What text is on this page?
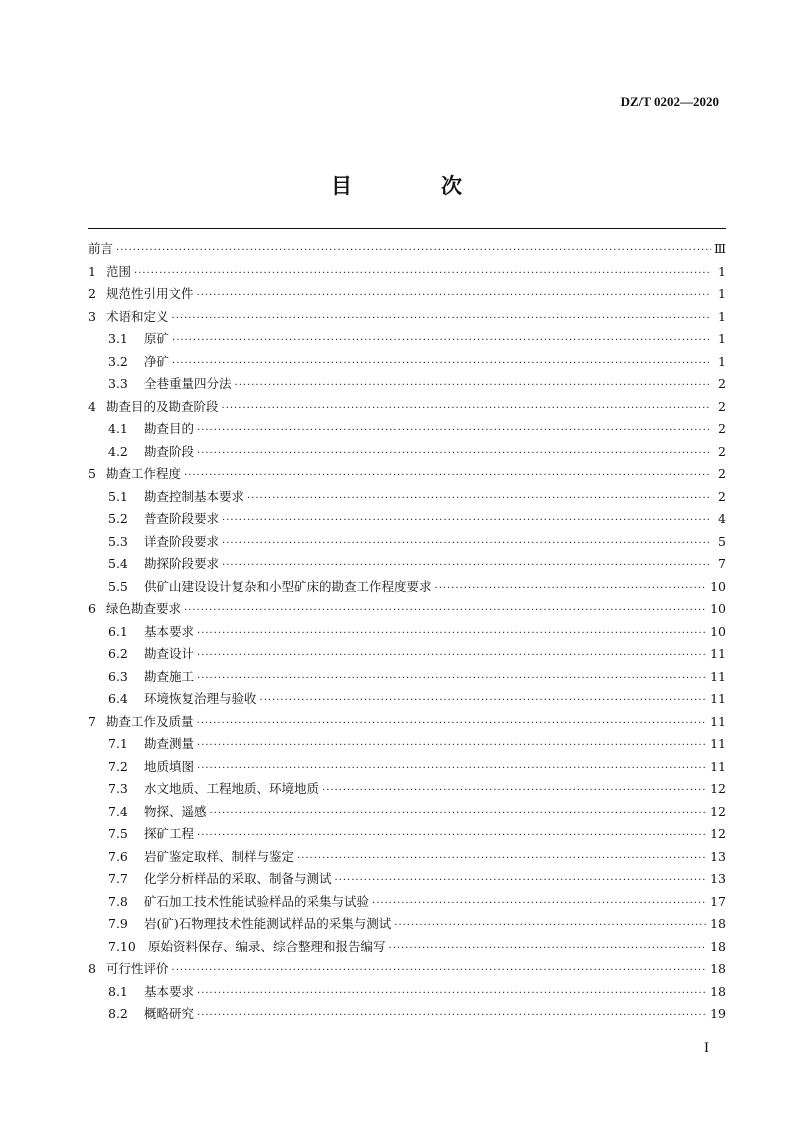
DZ/T 0202—2020
目　次
前言 ·····	Ⅲ
1 范围 ·····	1
2 规范性引用文件 ·····	1
3 术语和定义 ·····	1
3.1	原矿 ·····	1
3.2	净矿 ·····	1
3.3	全巷重量四分法 ·····	2
4 勘查目的及勘查阶段 ·····	2
4.1	勘查目的 ·····	2
4.2	勘查阶段 ·····	2
5 勘查工作程度 ·····	2
5.1	勘查控制基本要求 ·····	2
5.2	普查阶段要求 ·····	4
5.3	详查阶段要求 ·····	5
5.4	勘探阶段要求 ·····	7
5.5	供矿山建设设计复杂和小型矿床的勘查工作程度要求 ·····	10
6 绿色勘查要求 ·····	10
6.1	基本要求 ·····	10
6.2	勘查设计 ·····	11
6.3	勘查施工 ·····	11
6.4	环境恢复治理与验收 ·····	11
7 勘查工作及质量 ·····	11
7.1	勘查测量 ·····	11
7.2	地质填图 ·····	11
7.3	水文地质、工程地质、环境地质 ·····	12
7.4	物探、遥感 ·····	12
7.5	探矿工程 ·····	12
7.6	岩矿鉴定取样、制样与鉴定 ·····	13
7.7	化学分析样品的采取、制备与测试 ·····	13
7.8	矿石加工技术性能试验样品的采集与试验 ·····	17
7.9	岩(矿)石物理技术性能测试样品的采集与测试 ·····	18
7.10 原始资料保存、编录、综合整理和报告编写 ·····	18
8 可行性评价 ·····	18
8.1	基本要求 ·····	18
8.2	概略研究 ·····	19
I
